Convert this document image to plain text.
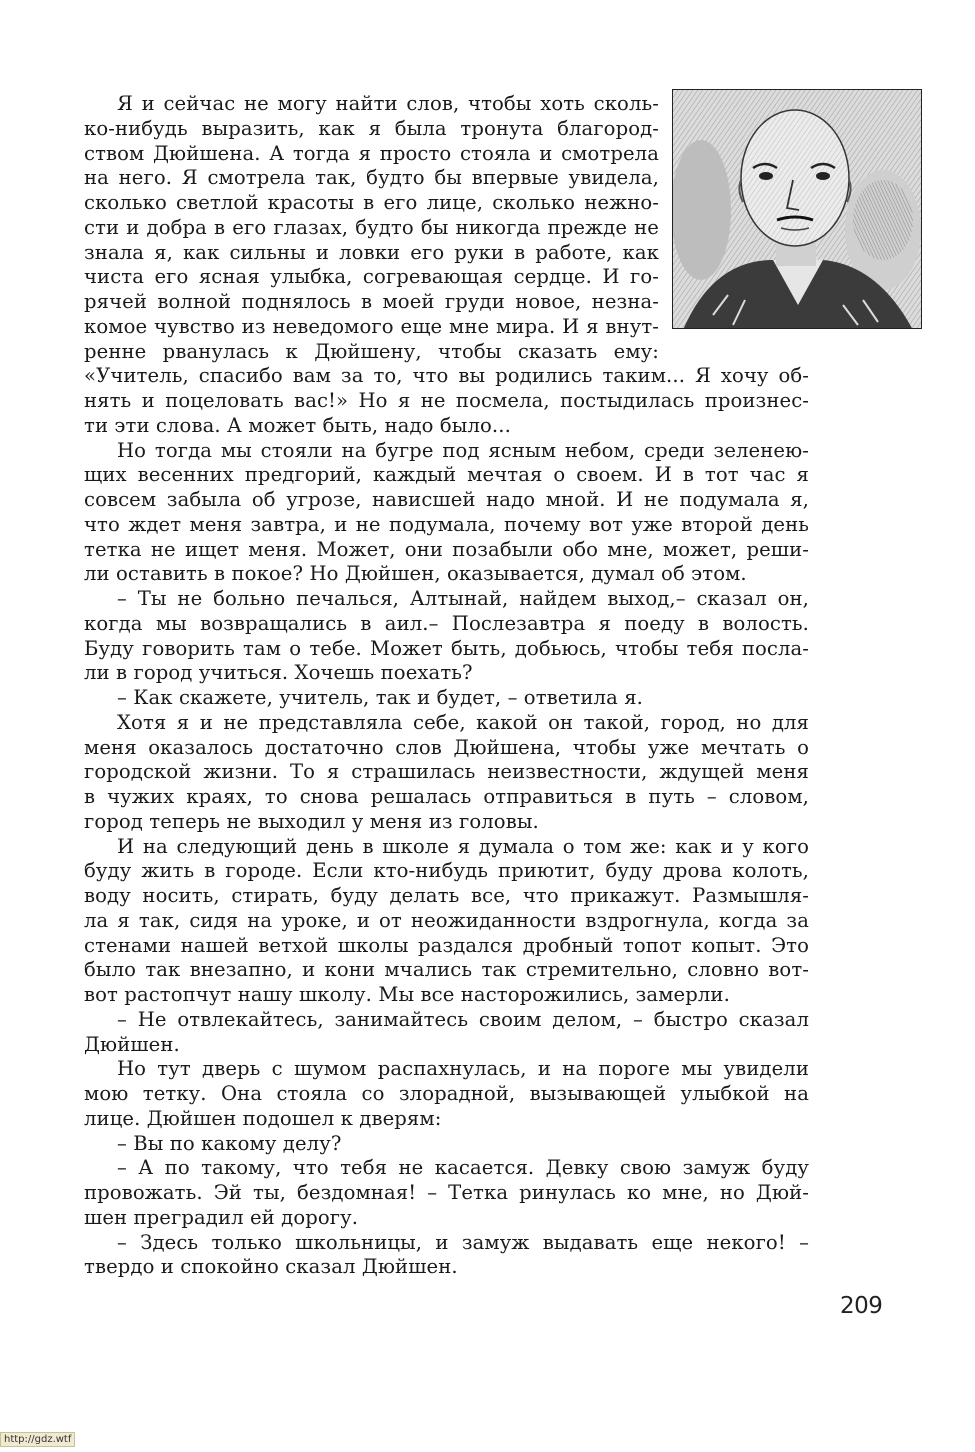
Я и сейчас не могу найти слов, чтобы хоть сколь-
ко-нибудь выразить, как я была тронута благород-
ством Дюйшена. А тогда я просто стояла и смотрела
на него. Я смотрела так, будто бы впервые увидела,
сколько светлой красоты в его лице, сколько нежно-
сти и добра в его глазах, будто бы никогда прежде не
знала я, как сильны и ловки его руки в работе, как
чиста его ясная улыбка, согревающая сердце. И го-
рячей волной поднялось в моей груди новое, незна-
комое чувство из неведомого еще мне мира. И я внут-
ренне рванулась к Дюйшену, чтобы сказать ему:
«Учитель, спасибо вам за то, что вы родились таким... Я хочу об-
нять и поцеловать вас!» Но я не посмела, постыдилась произнес-
ти эти слова. А может быть, надо было...
Но тогда мы стояли на бугре под ясным небом, среди зеленею-
щих весенних предгорий, каждый мечтая о своем. И в тот час я
совсем забыла об угрозе, нависшей надо мной. И не подумала я,
что ждет меня завтра, и не подумала, почему вот уже второй день
тетка не ищет меня. Может, они позабыли обо мне, может, реши-
ли оставить в покое? Но Дюйшен, оказывается, думал об этом.
– Ты не больно печалься, Алтынай, найдем выход,– сказал он,
когда мы возвращались в аил.– Послезавтра я поеду в волость.
Буду говорить там о тебе. Может быть, добьюсь, чтобы тебя посла-
ли в город учиться. Хочешь поехать?
– Как скажете, учитель, так и будет, – ответила я.
Хотя я и не представляла себе, какой он такой, город, но для
меня оказалось достаточно слов Дюйшена, чтобы уже мечтать о
городской жизни. То я страшилась неизвестности, ждущей меня
в чужих краях, то снова решалась отправиться в путь – словом,
город теперь не выходил у меня из головы.
И на следующий день в школе я думала о том же: как и у кого
буду жить в городе. Если кто-нибудь приютит, буду дрова колоть,
воду носить, стирать, буду делать все, что прикажут. Размышля-
ла я так, сидя на уроке, и от неожиданности вздрогнула, когда за
стенами нашей ветхой школы раздался дробный топот копыт. Это
было так внезапно, и кони мчались так стремительно, словно вот-
вот растопчут нашу школу. Мы все насторожились, замерли.
– Не отвлекайтесь, занимайтесь своим делом, – быстро сказал
Дюйшен.
Но тут дверь с шумом распахнулась, и на пороге мы увидели
мою тетку. Она стояла со злорадной, вызывающей улыбкой на
лице. Дюйшен подошел к дверям:
– Вы по какому делу?
– А по такому, что тебя не касается. Девку свою замуж буду
провожать. Эй ты, бездомная! – Тетка ринулась ко мне, но Дюй-
шен преградил ей дорогу.
– Здесь только школьницы, и замуж выдавать еще некого! –
твердо и спокойно сказал Дюйшен.
209
http://gdz.wtf
